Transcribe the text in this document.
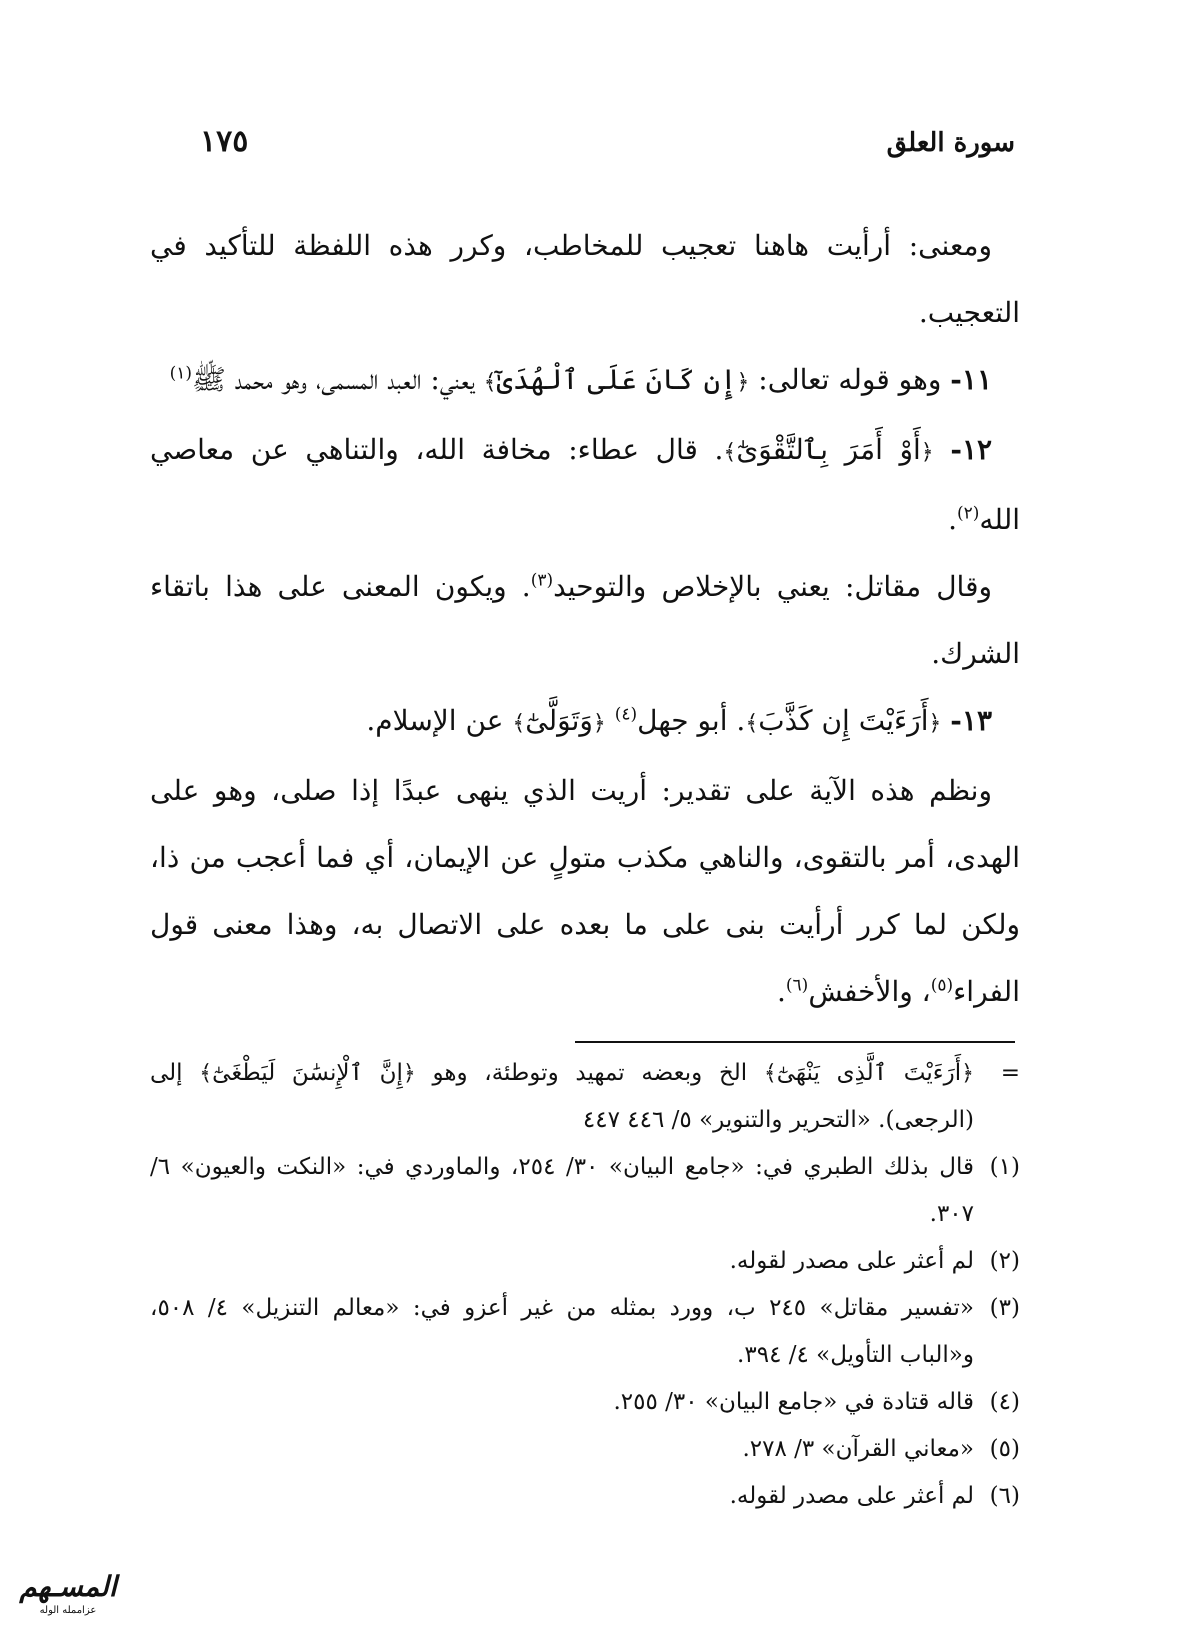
سورة العلق
١٧٥

ومعنى: أرأيت هاهنا تعجيب للمخاطب، وكرر هذه اللفظة للتأكيد في التعجيب.

١١- وهو قوله تعالى: ﴿إِن كَانَ عَلَى ٱلْهُدَىٰٓ﴾ يعني: العبد المسمى، وهو محمد ﷺ$^{(١)}$

١٢- ﴿أَوْ أَمَرَ بِٱلتَّقْوَىٰٓ﴾. قال عطاء: مخافة الله، والتناهي عن معاصي الله$^{(٢)}$.

وقال مقاتل: يعني بالإخلاص والتوحيد$^{(٣)}$. ويكون المعنى على هذا باتقاء الشرك.

١٣- ﴿أَرَءَيْتَ إِن كَذَّبَ﴾. أبو جهل$^{(٤)}$ ﴿وَتَوَلَّىٰٓ﴾ عن الإسلام.

ونظم هذه الآية على تقدير: أريت الذي ينهى عبدًا إذا صلى، وهو على الهدى، أمر بالتقوى، والناهي مكذب متولٍ عن الإيمان، أي فما أعجب من ذا، ولكن لما كرر أرأيت بنى على ما بعده على الاتصال به، وهذا معنى قول الفراء$^{(٥)}$، والأخفش$^{(٦)}$.

=
﴿أَرَءَيْتَ ٱلَّذِى يَنْهَىٰٓ﴾ الخ وبعضه تمهيد وتوطئة، وهو ﴿إِنَّ ٱلْإِنسَٰنَ لَيَطْغَىٰٓ﴾ إلى (الرجعى). «التحرير والتنوير» ٥/ ٤٤٦ ٤٤٧
(١)
قال بذلك الطبري في: «جامع البيان» ٣٠/ ٢٥٤، والماوردي في: «النكت والعيون» ٦/ ٣٠٧.
(٢)
لم أعثر على مصدر لقوله.
(٣)
«تفسير مقاتل» ٢٤٥ ب، وورد بمثله من غير أعزو في: «معالم التنزيل» ٤/ ٥٠٨، و«الباب التأويل» ٤/ ٣٩٤.
(٤)
قاله قتادة في «جامع البيان» ٣٠/ ٢٥٥.
(٥)
«معاني القرآن» ٣/ ٢٧٨.
(٦)
لم أعثر على مصدر لقوله.
المسـهم
عزاممله الوله
